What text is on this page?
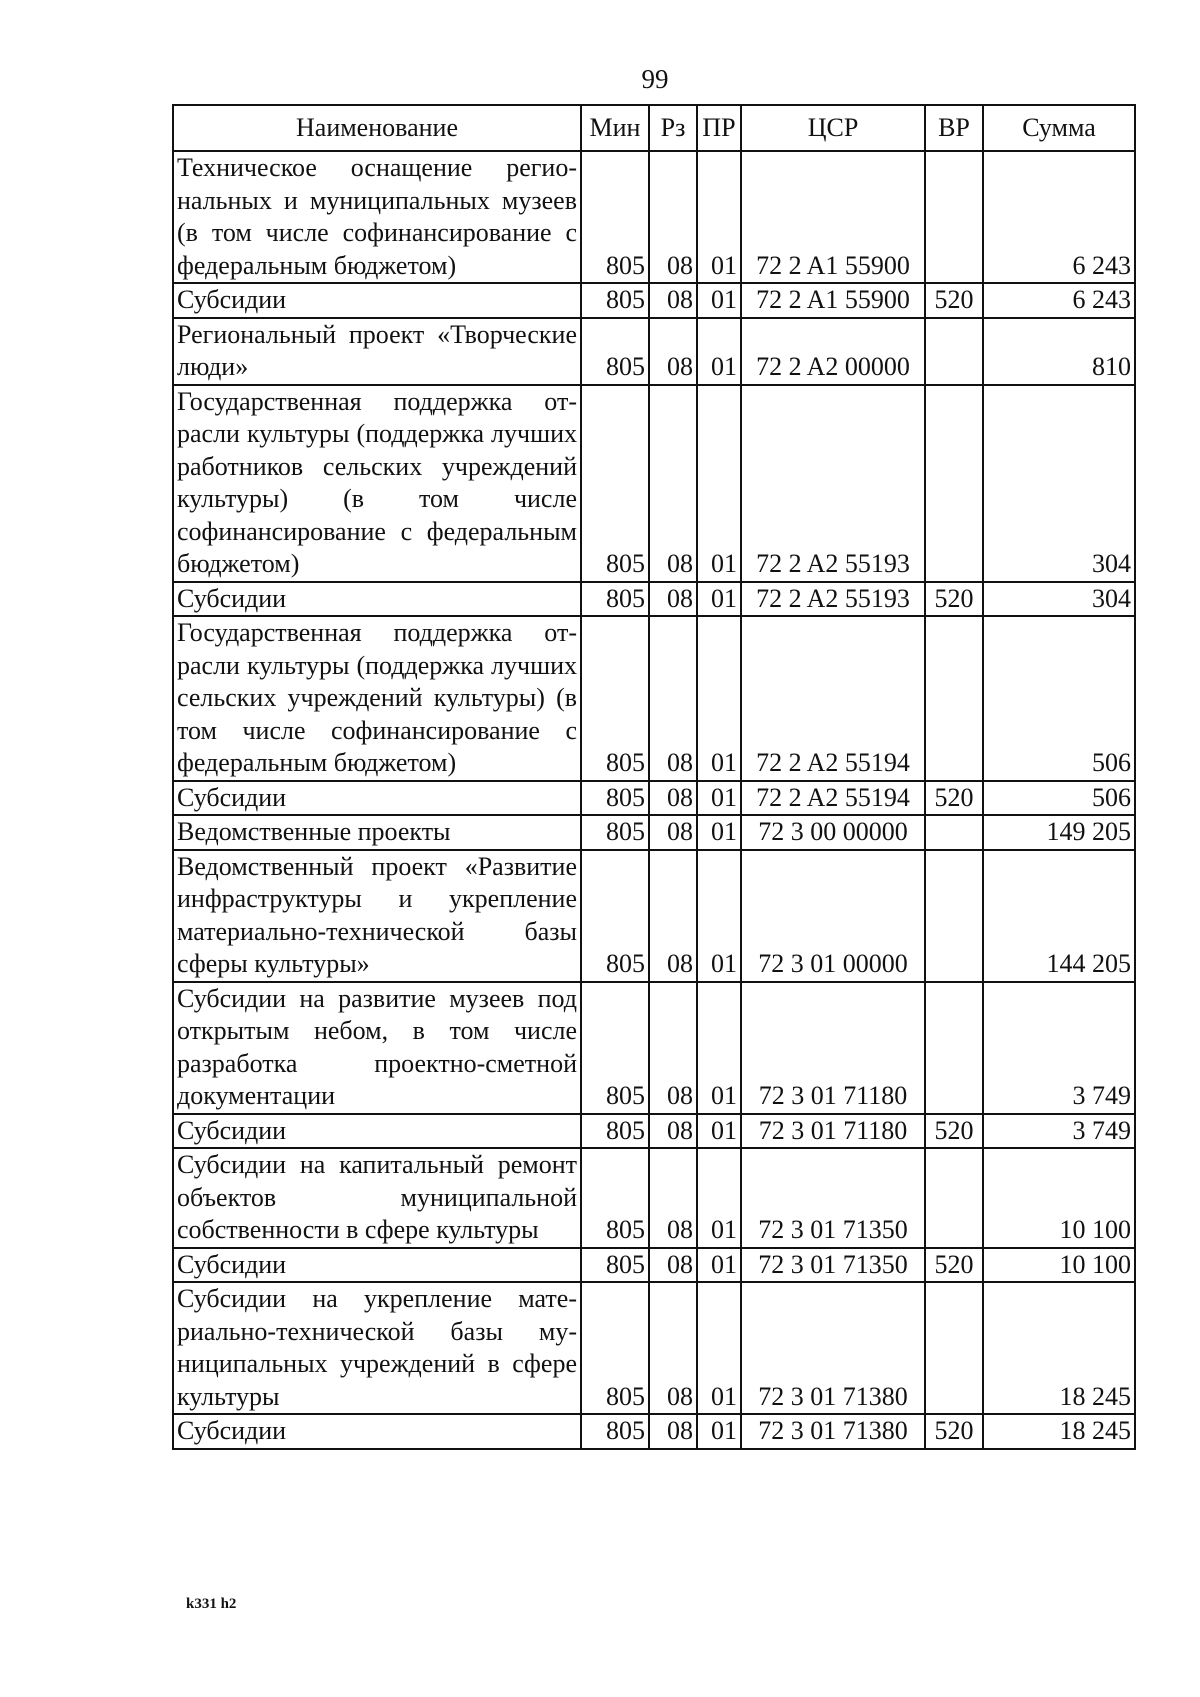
99
Наименование	Мин	Рз	ПР	ЦСР	ВР	Сумма
Техническое оснащение региональных и муниципальных музеев (в том числе софинансирование с федеральным бюджетом)	805	08	01	72 2 A1 55900		6 243
Субсидии	805	08	01	72 2 A1 55900	520	6 243
Региональный проект «Творческие люди»	805	08	01	72 2 A2 00000		810
Государственная поддержка отрасли культуры (поддержка лучших работников сельских учреждений культуры) (в том числе софинансирование с федеральным бюджетом)	805	08	01	72 2 A2 55193		304
Субсидии	805	08	01	72 2 A2 55193	520	304
Государственная поддержка отрасли культуры (поддержка лучших сельских учреждений культуры) (в том числе софинансирование с федеральным бюджетом)	805	08	01	72 2 A2 55194		506
Субсидии	805	08	01	72 2 A2 55194	520	506
Ведомственные проекты	805	08	01	72 3 00 00000		149 205
Ведомственный проект «Развитие инфраструктуры и укрепление материально-технической базы сферы культуры»	805	08	01	72 3 01 00000		144 205
Субсидии на развитие музеев под открытым небом, в том числе разработка проектно-сметной документации	805	08	01	72 3 01 71180		3 749
Субсидии	805	08	01	72 3 01 71180	520	3 749
Субсидии на капитальный ремонт объектов муниципальной собственности в сфере культуры	805	08	01	72 3 01 71350		10 100
Субсидии	805	08	01	72 3 01 71350	520	10 100
Субсидии на укрепление материально-технической базы муниципальных учреждений в сфере культуры	805	08	01	72 3 01 71380		18 245
Субсидии	805	08	01	72 3 01 71380	520	18 245
k331 h2
